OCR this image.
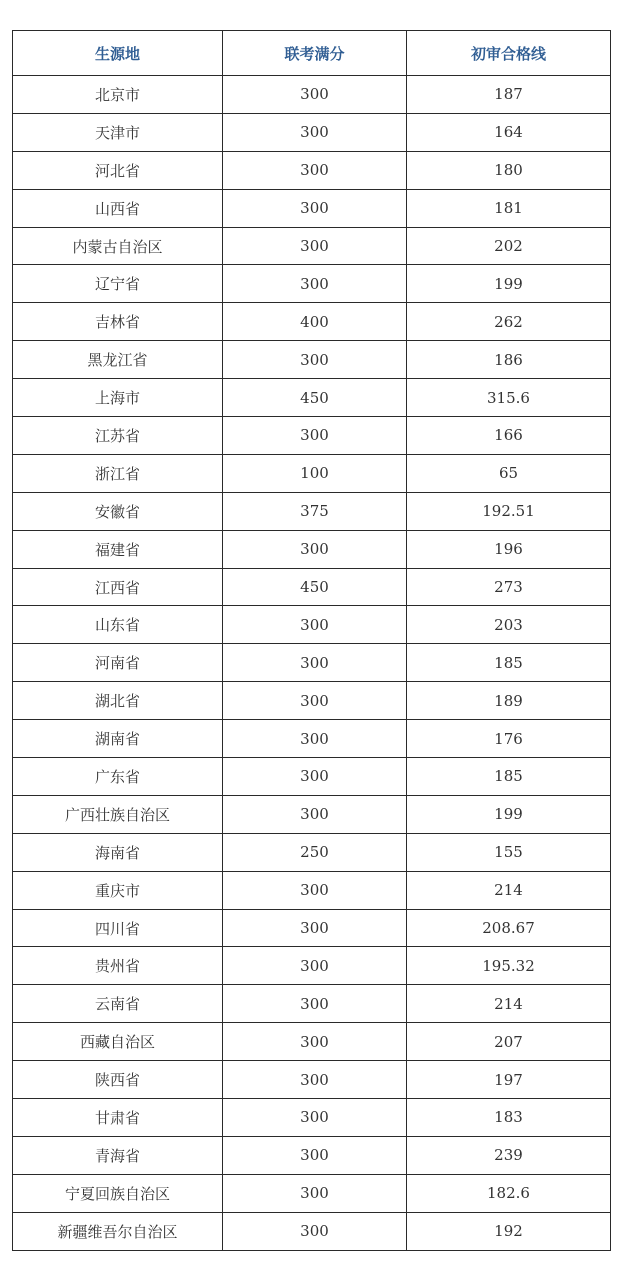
生源地	联考满分	初审合格线
北京市	300	187
天津市	300	164
河北省	300	180
山西省	300	181
内蒙古自治区	300	202
辽宁省	300	199
吉林省	400	262
黑龙江省	300	186
上海市	450	315.6
江苏省	300	166
浙江省	100	65
安徽省	375	192.51
福建省	300	196
江西省	450	273
山东省	300	203
河南省	300	185
湖北省	300	189
湖南省	300	176
广东省	300	185
广西壮族自治区	300	199
海南省	250	155
重庆市	300	214
四川省	300	208.67
贵州省	300	195.32
云南省	300	214
西藏自治区	300	207
陕西省	300	197
甘肃省	300	183
青海省	300	239
宁夏回族自治区	300	182.6
新疆维吾尔自治区	300	192
